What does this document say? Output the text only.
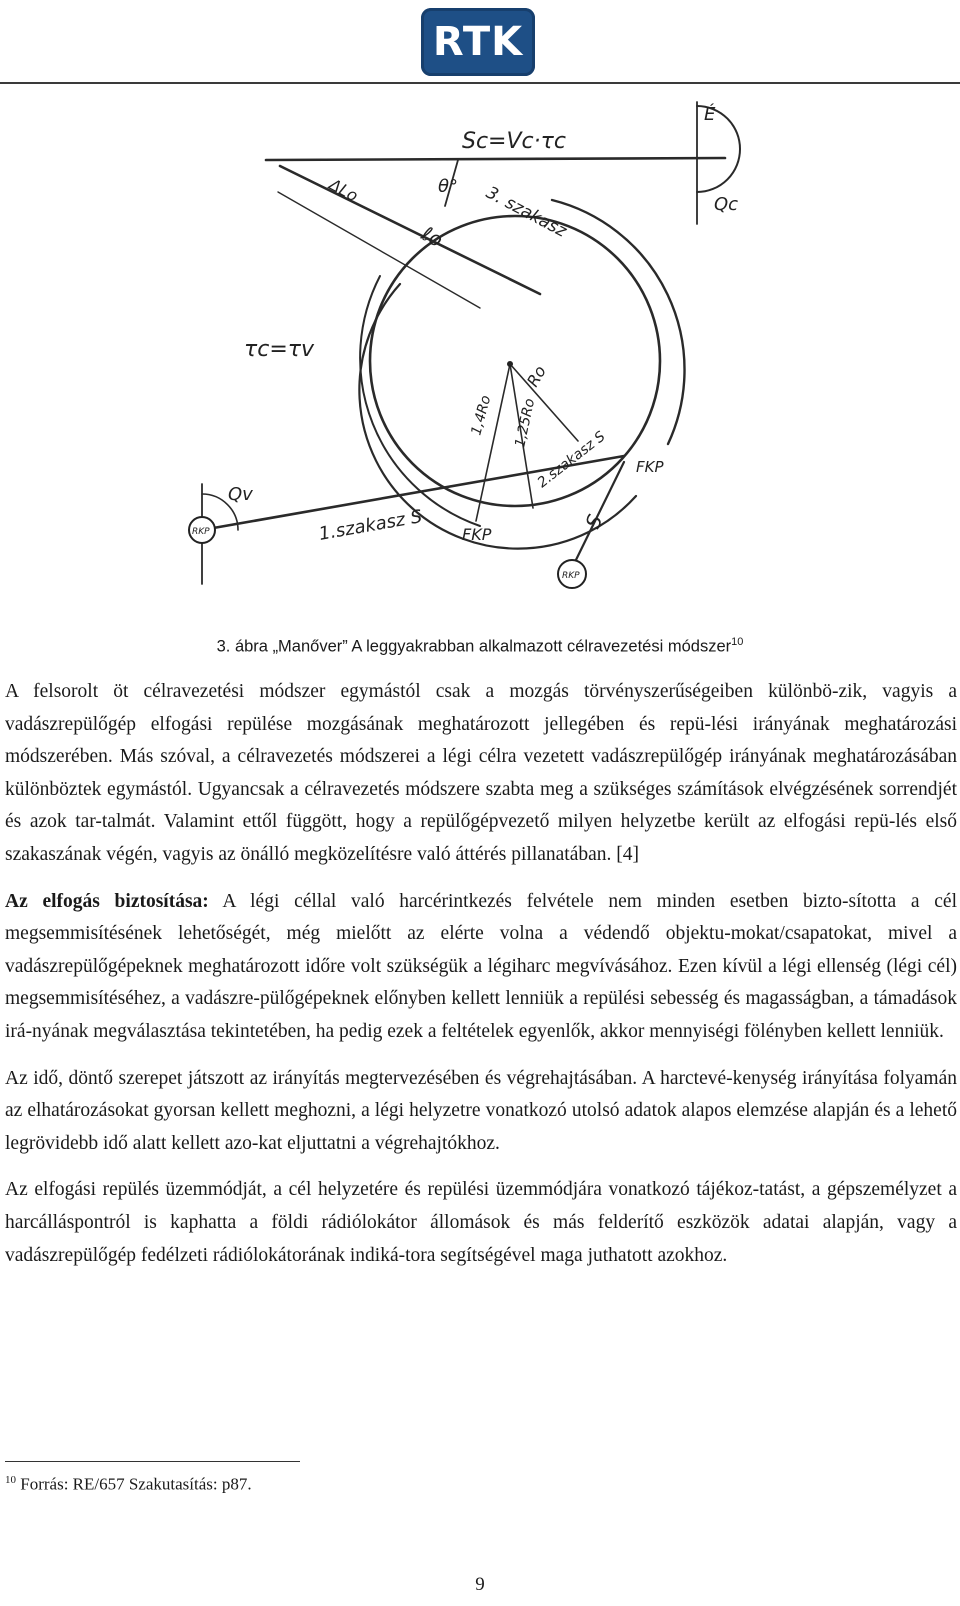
RTK
Sc=Vc·τc
É
Qc
ΔLo	θ°
ℓo 3. szakasz
τc=τv
1,4Ro 1,25Ro
Ro
2.szakasz S FKP
Qv
RKP	1.szakasz S FKP
S
RKP
3. ábra „Manőver” A leggyakrabban alkalmazott célravezetési módszer$^{10}$

A felsorolt öt célravezetési módszer egymástól csak a mozgás törvényszerűségeiben különbö-zik, vagyis a vadászrepülőgép elfogási repülése mozgásának meghatározott jellegében és repü-lési irányának meghatározási módszerében. Más szóval, a célravezetés módszerei a légi célra vezetett vadászrepülőgép irányának meghatározásában különböztek egymástól. Ugyancsak a célravezetés módszere szabta meg a szükséges számítások elvégzésének sorrendjét és azok tar-talmát. Valamint ettől függött, hogy a repülőgépvezető milyen helyzetbe került az elfogási repü-lés első szakaszának végén, vagyis az önálló megközelítésre való áttérés pillanatában. [4]

Az elfogás biztosítása: A légi céllal való harcérintkezés felvétele nem minden esetben bizto-sította a cél megsemmisítésének lehetőségét, még mielőtt az elérte volna a védendő objektu-mokat/csapatokat, mivel a vadászrepülőgépeknek meghatározott időre volt szükségük a légiharc megvívásához. Ezen kívül a légi ellenség (légi cél) megsemmisítéséhez, a vadászre-pülőgépeknek előnyben kellett lenniük a repülési sebesség és magasságban, a támadások irá-nyának megválasztása tekintetében, ha pedig ezek a feltételek egyenlők, akkor mennyiségi fölényben kellett lenniük.

Az idő, döntő szerepet játszott az irányítás megtervezésében és végrehajtásában. A harctevé-kenység irányítása folyamán az elhatározásokat gyorsan kellett meghozni, a légi helyzetre vonatkozó utolsó adatok alapos elemzése alapján és a lehető legrövidebb idő alatt kellett azo-kat eljuttatni a végrehajtókhoz.

Az elfogási repülés üzemmódját, a cél helyzetére és repülési üzemmódjára vonatkozó tájékoz-tatást, a gépszemélyzet a harcálláspontról is kaphatta a földi rádiólokátor állomások és más felderítő eszközök adatai alapján, vagy a vadászrepülőgép fedélzeti rádiólokátorának indiká-tora segítségével maga juthatott azokhoz.

$^{10}$ Forrás: RE/657 Szakutasítás: p87.
9
